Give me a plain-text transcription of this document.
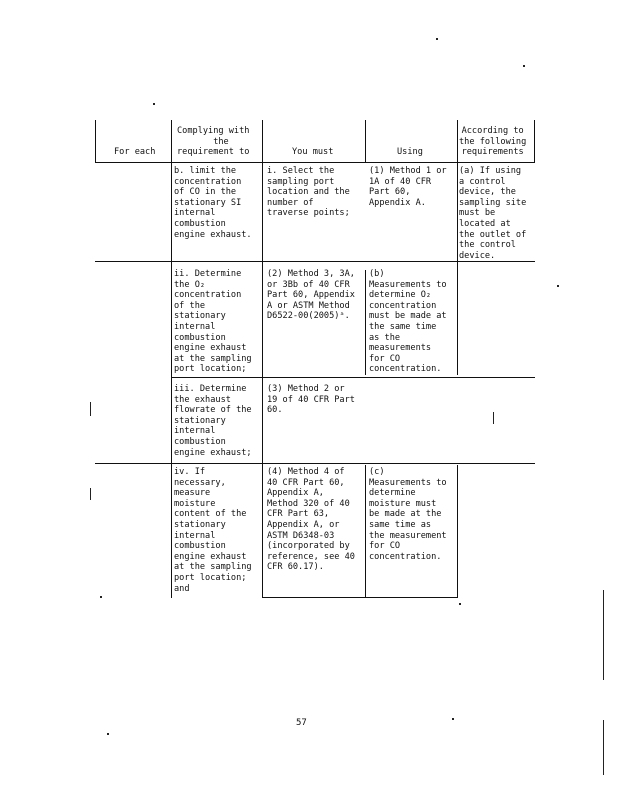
For each
Complying with
the
requirement to	You must	Using
According to
the following
requirements
b. limit the
concentration
of CO in the
stationary SI
internal
combustion
engine exhaust.
i. Select the
sampling port
location and the
number of
traverse points;
(1) Method 1 or
1A of 40 CFR
Part 60,
Appendix A.
(a) If using
a control
device, the
sampling site
must be
located at
the outlet of
the control
device.
ii. Determine
the O₂
concentration
of the
stationary
internal
combustion
engine exhaust
at the sampling
port location;
(2) Method 3, 3A,
or 3Bb of 40 CFR
Part 60, Appendix
A or ASTM Method
D6522-00(2005)ᵃ.
(b)
Measurements to
determine O₂
concentration
must be made at
the same time
as the
measurements
for CO
concentration.
iii. Determine
the exhaust
flowrate of the
stationary
internal
combustion
engine exhaust;
(3) Method 2 or
19 of 40 CFR Part
60.
iv. If
necessary,
measure
moisture
content of the
stationary
internal
combustion
engine exhaust
at the sampling
port location;
and
(4) Method 4 of
40 CFR Part 60,
Appendix A,
Method 320 of 40
CFR Part 63,
Appendix A, or
ASTM D6348-03
(incorporated by
reference, see 40
CFR 60.17).
(c)
Measurements to
determine
moisture must
be made at the
same time as
the measurement
for CO
concentration.
57
